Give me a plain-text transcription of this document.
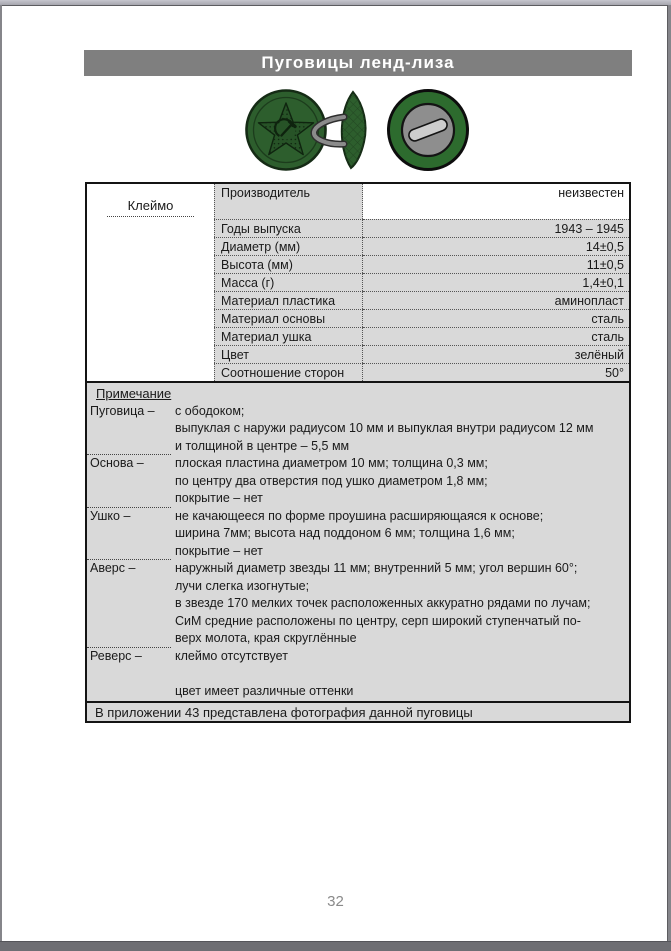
Пуговицы ленд-лиза
Клеймо
Производитель	неизвестен
Годы выпуска	1943 – 1945
Диаметр (мм)	14±0,5
Высота (мм)	11±0,5
Масса (г)	1,4±0,1
Материал пластика	аминопласт
Материал основы	сталь
Материал ушка	сталь
Цвет	зелёный
Соотношение сторон	50°
Примечание
Пуговица –	с ободоком;
выпуклая с наружи радиусом 10 мм и выпуклая внутри радиусом 12 мм
и толщиной в центре – 5,5 мм
Основа –	плоская пластина диаметром 10 мм; толщина 0,3 мм;
по центру два отверстия под ушко диаметром 1,8 мм;
покрытие – нет
Ушко –	не качающееся по форме проушина расширяющаяся к основе;
ширина 7мм; высота над поддоном 6 мм; толщина 1,6 мм;
покрытие – нет
Аверс –	наружный диаметр звезды 11 мм; внутренний 5 мм; угол вершин 60°;
лучи слегка изогнутые;
в звезде 170 мелких точек расположенных аккуратно рядами по лучам;
СиМ средние расположены по центру, серп широкий ступенчатый по-
верх молота, края скруглённые
Реверс –	клеймо отсутствует
цвет имеет различные оттенки
В приложении 43 представлена фотография данной пуговицы
32
